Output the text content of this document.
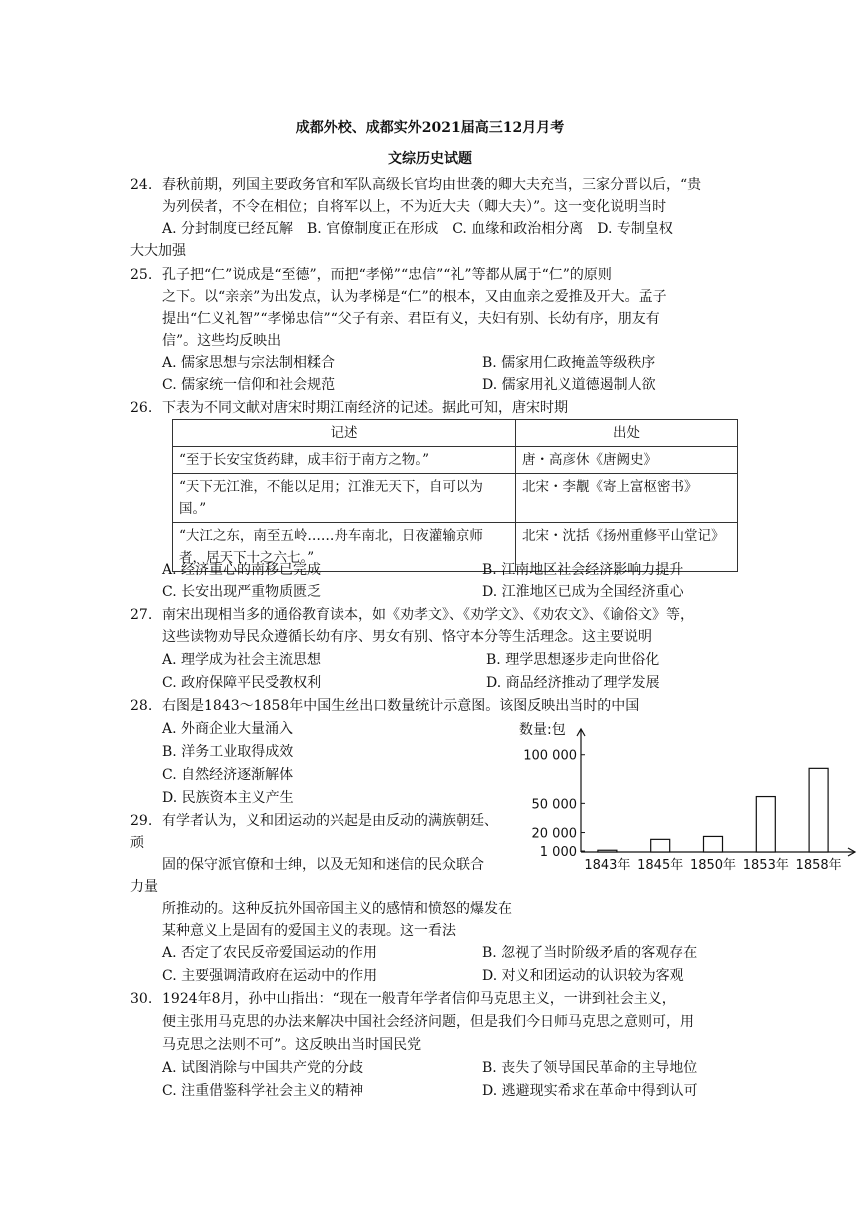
成都外校、成都实外2021届高三12月月考
文综历史试题
24. 春秋前期，列国主要政务官和军队高级长官均由世袭的卿大夫充当，三家分晋以后，“贵
为列侯者，不令在相位；自将军以上，不为近大夫（卿大夫）”。这一变化说明当时
A. 分封制度已经瓦解　B. 官僚制度正在形成　C. 血缘和政治相分离　D. 专制皇权
大大加强
25. 孔子把“仁”说成是“至德”，而把“孝悌”“忠信”“礼”等都从属于“仁”的原则
之下。以“亲亲”为出发点，认为孝梯是“仁”的根本，又由血亲之爱推及开大。孟子
提出“仁义礼智”“孝悌忠信”“父子有亲、君臣有义，夫妇有别、长幼有序，朋友有
信”。这些均反映出
A. 儒家思想与宗法制相糅合	B. 儒家用仁政掩盖等级秩序
C. 儒家统一信仰和社会规范	D. 儒家用礼义道德遏制人欲
26. 下表为不同文献对唐宋时期江南经济的记述。据此可知，唐宋时期
记述	出处
“至于长安宝货药肆，成丰衍于南方之物。”	唐・高彦休《唐阙史》
“天下无江淮，不能以足用；江淮无天下，自可以为国。”	北宋・李觏《寄上富枢密书》
“大江之东，南至五岭……舟车南北，日夜灌输京师者，居天下十之六七。”	北宋・沈括《扬州重修平山堂记》
A. 经济重心的南移已完成	B. 江南地区社会经济影响力提升
C. 长安出现严重物质匮乏	D. 江淮地区已成为全国经济重心
27. 南宋出现相当多的通俗教育读本，如《劝孝文》、《劝学文》、《劝农文》、《谕俗文》等，
这些读物劝导民众遵循长幼有序、男女有别、恪守本分等生活理念。这主要说明
A. 理学成为社会主流思想	B. 理学思想逐步走向世俗化
C. 政府保障平民受教权利	D. 商品经济推动了理学发展
28. 右图是1843～1858年中国生丝出口数量统计示意图。该图反映出当时的中国
A. 外商企业大量涌入
B. 洋务工业取得成效
C. 自然经济逐渐解体
D. 民族资本主义产生
数量:包
1 000
20 000
50 000
100 000
1843年 1845年 1850年 1853年 1858年
29. 有学者认为，义和团运动的兴起是由反动的满族朝廷、
顽
固的保守派官僚和士绅，以及无知和迷信的民众联合
力量
所推动的。这种反抗外国帝国主义的感情和愤怒的爆发在
某种意义上是固有的爱国主义的表现。这一看法
A. 否定了农民反帝爱国运动的作用	B. 忽视了当时阶级矛盾的客观存在
C. 主要强调清政府在运动中的作用	D. 对义和团运动的认识较为客观
30. 1924年8月，孙中山指出：“现在一般青年学者信仰马克思主义，一讲到社会主义，
便主张用马克思的办法来解决中国社会经济问题，但是我们今日师马克思之意则可，用
马克思之法则不可”。这反映出当时国民党
A. 试图消除与中国共产党的分歧	B. 丧失了领导国民革命的主导地位
C. 注重借鉴科学社会主义的精神	D. 逃避现实希求在革命中得到认可
